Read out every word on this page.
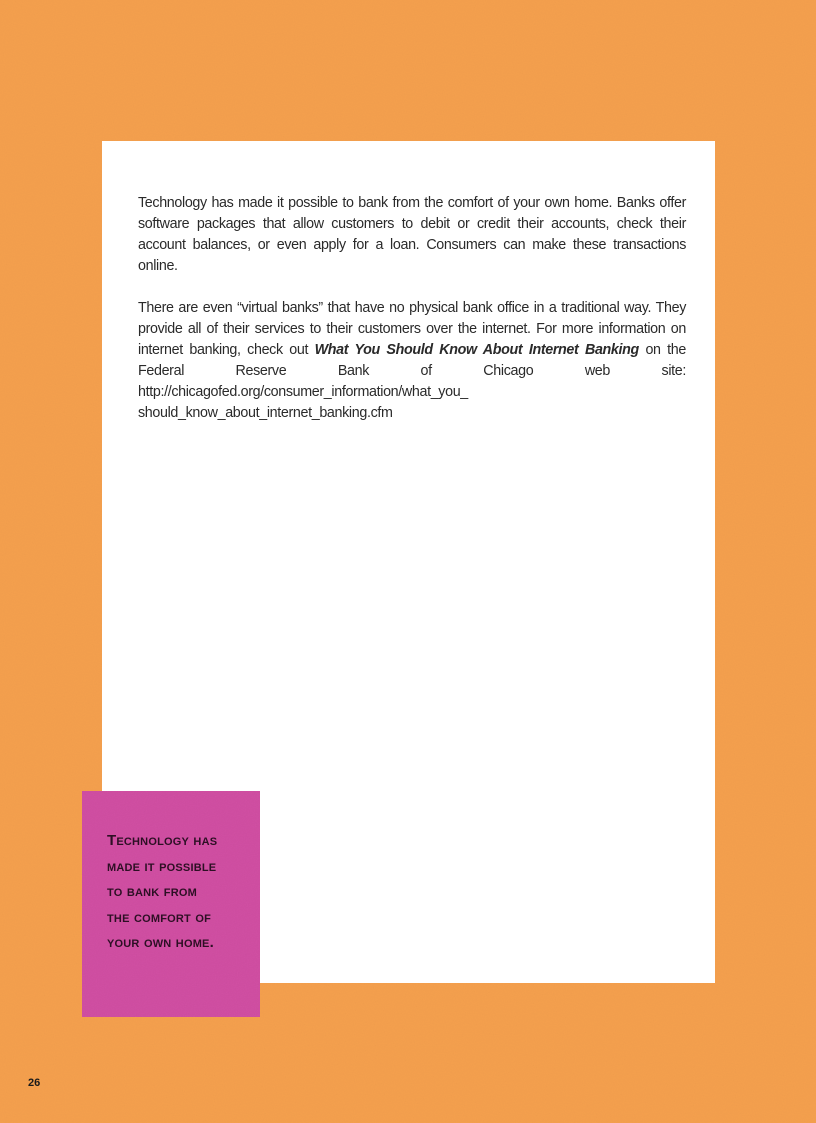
Technology has made it possible to bank from the comfort of your own home. Banks offer software packages that allow customers to debit or credit their accounts, check their account balances, or even apply for a loan. Consumers can make these transactions online.

There are even “virtual banks” that have no physical bank office in a traditional way. They provide all of their services to their customers over the internet. For more information on internet banking, check out What You Should Know About Internet Banking on the Federal Reserve Bank of Chicago web site: http://chicagofed.org/consumer_information/what_you_ should_know_about_internet_banking.cfm

Technology has
made it possible
to bank from
the comfort of
your own home.

26
